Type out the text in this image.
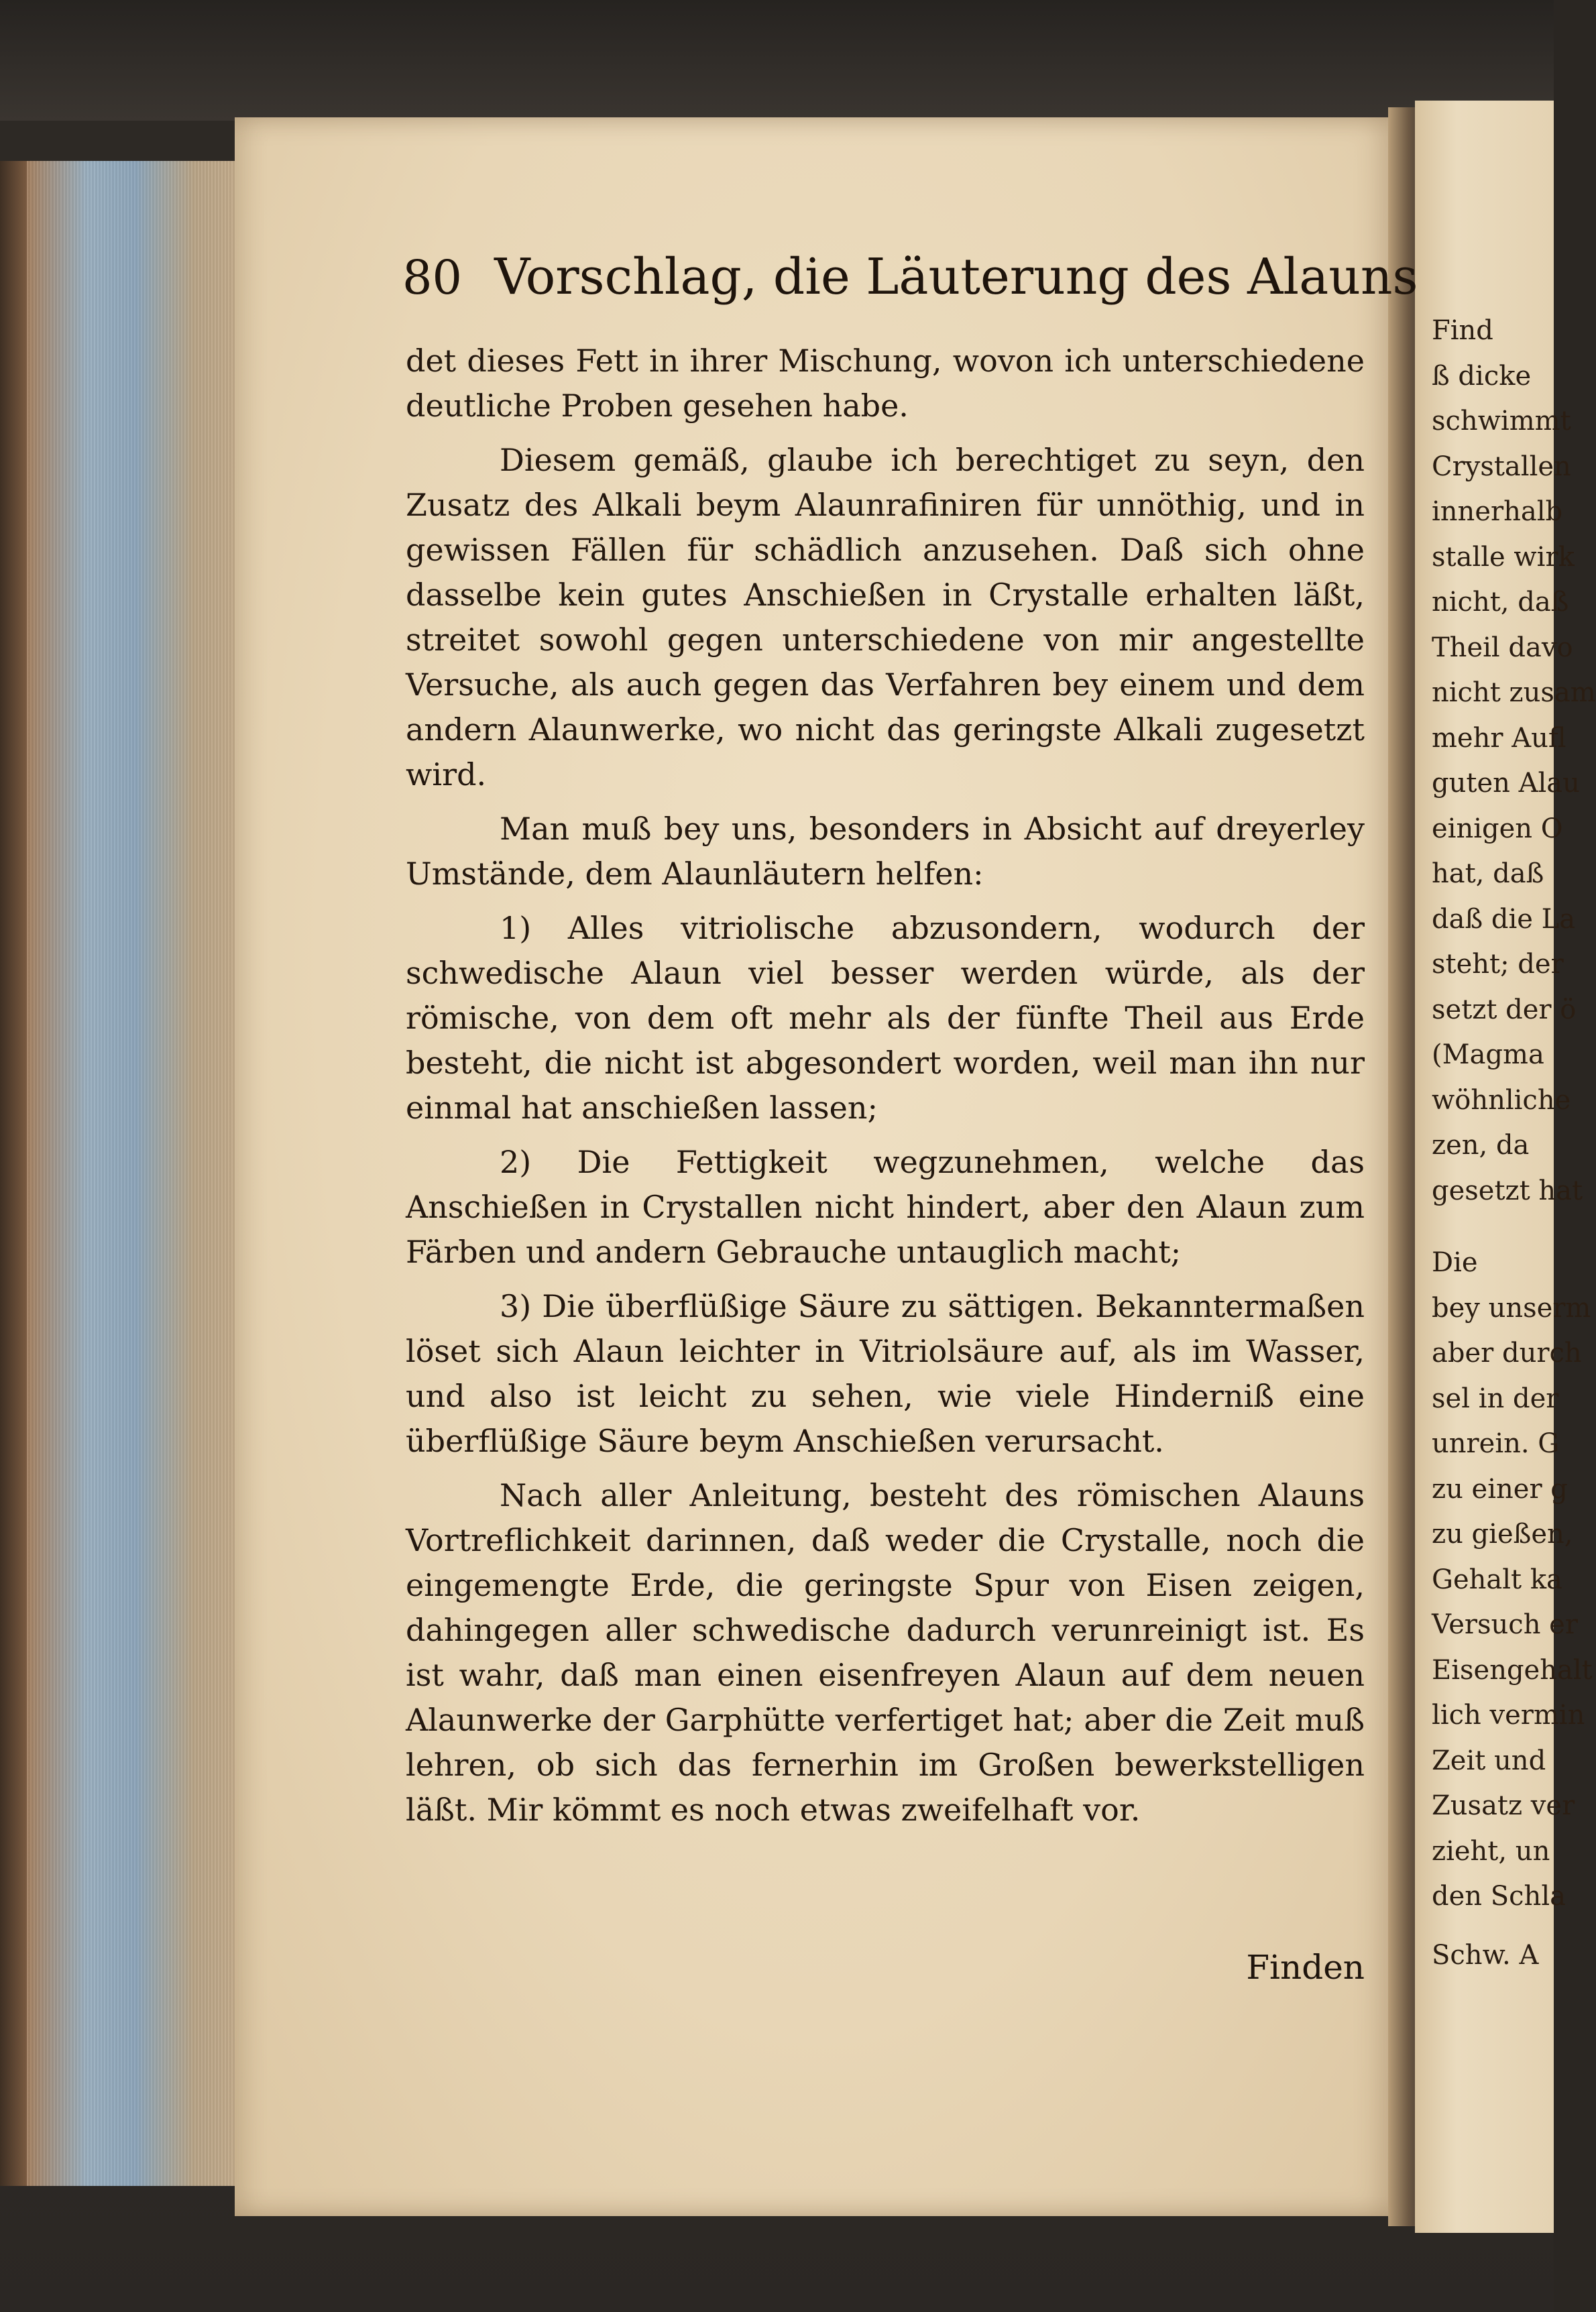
80 Vorschlag, die Läuterung des Alauns

det dieses Fett in ihrer Mischung, wovon ich unterschiedene deutliche Proben gesehen habe.

Diesem gemäß, glaube ich berechtiget zu seyn, den Zusatz des Alkali beym Alaunrafiniren für unnöthig, und in gewissen Fällen für schädlich anzusehen. Daß sich ohne dasselbe kein gutes Anschießen in Crystalle erhalten läßt, streitet sowohl gegen unterschiedene von mir angestellte Versuche, als auch gegen das Verfahren bey einem und dem andern Alaunwerke, wo nicht das geringste Alkali zugesetzt wird.

Man muß bey uns, besonders in Absicht auf dreyerley Umstände, dem Alaunläutern helfen:

1) Alles vitriolische abzusondern, wodurch der schwedische Alaun viel besser werden würde, als der römische, von dem oft mehr als der fünfte Theil aus Erde besteht, die nicht ist abgesondert worden, weil man ihn nur einmal hat anschießen lassen;

2) Die Fettigkeit wegzunehmen, welche das Anschießen in Crystallen nicht hindert, aber den Alaun zum Färben und andern Gebrauche untauglich macht;

3) Die überflüßige Säure zu sättigen. Bekanntermaßen löset sich Alaun leichter in Vitriolsäure auf, als im Wasser, und also ist leicht zu sehen, wie viele Hinderniß eine überflüßige Säure beym Anschießen verursacht.

Nach aller Anleitung, besteht des römischen Alauns Vortreflichkeit darinnen, daß weder die Crystalle, noch die eingemengte Erde, die geringste Spur von Eisen zeigen, dahingegen aller schwedische dadurch verunreinigt ist. Es ist wahr, daß man einen eisenfreyen Alaun auf dem neuen Alaunwerke der Garphütte verfertiget hat; aber die Zeit muß lehren, ob sich das fernerhin im Großen bewerkstelligen läßt. Mir kömmt es noch etwas zweifelhaft vor.

Finden
Find
ß dicke
schwimmt
Crystallen
innerhalb
stalle wirk
nicht, daß
Theil davo
nicht zusam
mehr Aufl
guten Alau
einigen O
hat, daß
daß die La
steht; der
setzt der ö
(Magma
wöhnliche
zen, da
gesetzt hat
Die
bey unserm
aber durch
sel in der
unrein. G
zu einer g
zu gießen,
Gehalt ka
Versuch er
Eisengehalt
lich vermin
Zeit und
Zusatz ver
zieht, un
den Schla
Schw. A
